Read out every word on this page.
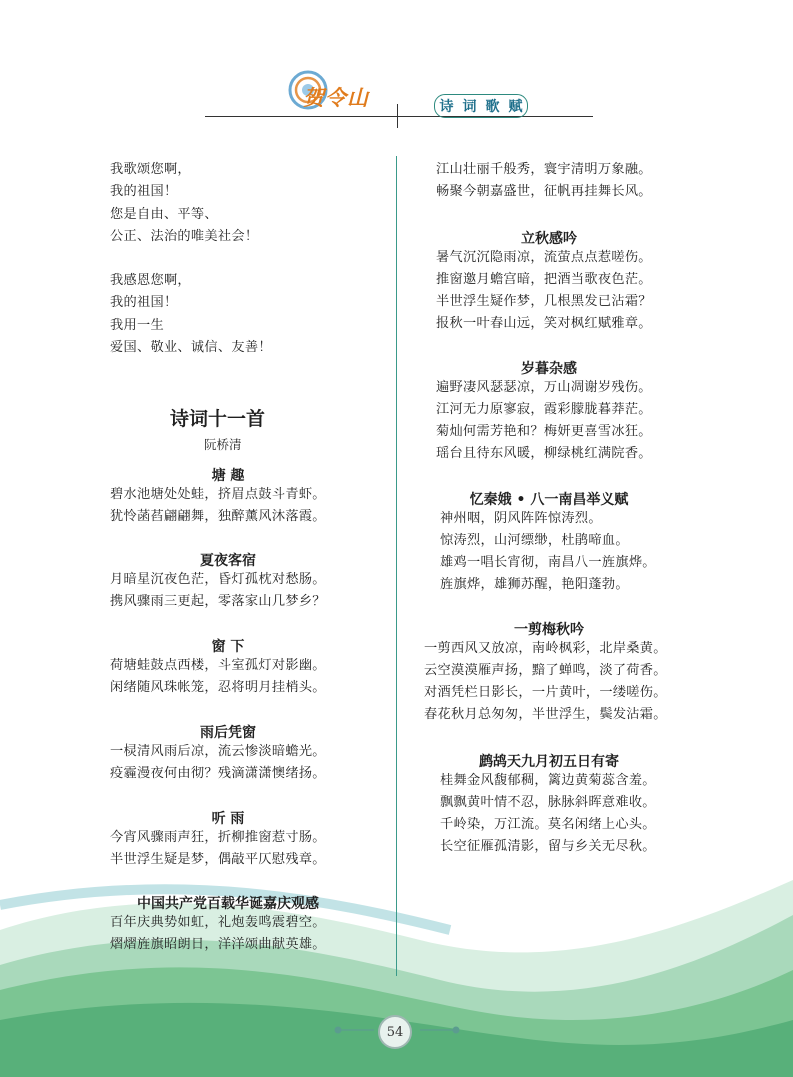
贺令山	诗 词 歌 赋
我歌颂您啊，
我的祖国！
您是自由、平等、
公正、法治的唯美社会！
我感恩您啊，
我的祖国！
我用一生
爱国、敬业、诚信、友善！
诗词十一首
阮桥清
塘 趣
碧水池塘处处蛙，挤眉点鼓斗青虾。
犹怜菡萏翩翩舞，独醉薰风沐落霞。
夏夜客宿
月暗星沉夜色茫，昏灯孤枕对愁肠。
携风骤雨三更起，零落家山几梦乡？
窗 下
荷塘蛙鼓点西楼，斗室孤灯对影幽。
闲绪随风珠帐笼，忍将明月挂梢头。
雨后凭窗
一棂清风雨后凉，流云惨淡暗蟾光。
疫霾漫夜何由彻？残滴潇潇懊绪扬。
听 雨
今宵风骤雨声狂，折柳推窗惹寸肠。
半世浮生疑是梦，偶敲平仄慰残章。
中国共产党百载华诞嘉庆观感
百年庆典势如虹，礼炮轰鸣震碧空。
熠熠旌旗昭朗日，洋洋颂曲献英雄。
江山壮丽千般秀，寰宇清明万象融。
畅聚今朝嘉盛世，征帆再挂舞长风。
立秋感吟
暑气沉沉隐雨凉，流萤点点惹嗟伤。
推窗邀月蟾宫暗，把酒当歌夜色茫。
半世浮生疑作梦，几根黑发已沾霜？
报秋一叶春山远，笑对枫红赋雅章。
岁暮杂感
遍野凄风瑟瑟凉，万山凋谢岁残伤。
江河无力原寥寂，霞彩朦胧暮莽茫。
菊灿何需芳艳和？梅妍更喜雪冰狂。
瑶台且待东风暖，柳绿桃红满院香。
忆秦娥 • 八一南昌举义赋
神州咽，阴风阵阵惊涛烈。
惊涛烈，山河缥缈，杜鹃啼血。
雄鸡一唱长宵彻，南昌八一旌旗烨。
旌旗烨，雄狮苏醒，艳阳蓬勃。
一剪梅秋吟
一剪西风又放凉，南岭枫彩，北岸桑黄。
云空漠漠雁声扬，黯了蝉鸣，淡了荷香。
对酒凭栏日影长，一片黄叶，一缕嗟伤。
春花秋月总匆匆，半世浮生，鬓发沾霜。
鹧鸪天九月初五日有寄
桂舞金风馥郁稠，篱边黄菊蕊含羞。
飘飘黄叶情不忍，脉脉斜晖意难收。
千岭染，万江流。莫名闲绪上心头。
长空征雁孤清影，留与乡关无尽秋。
54
